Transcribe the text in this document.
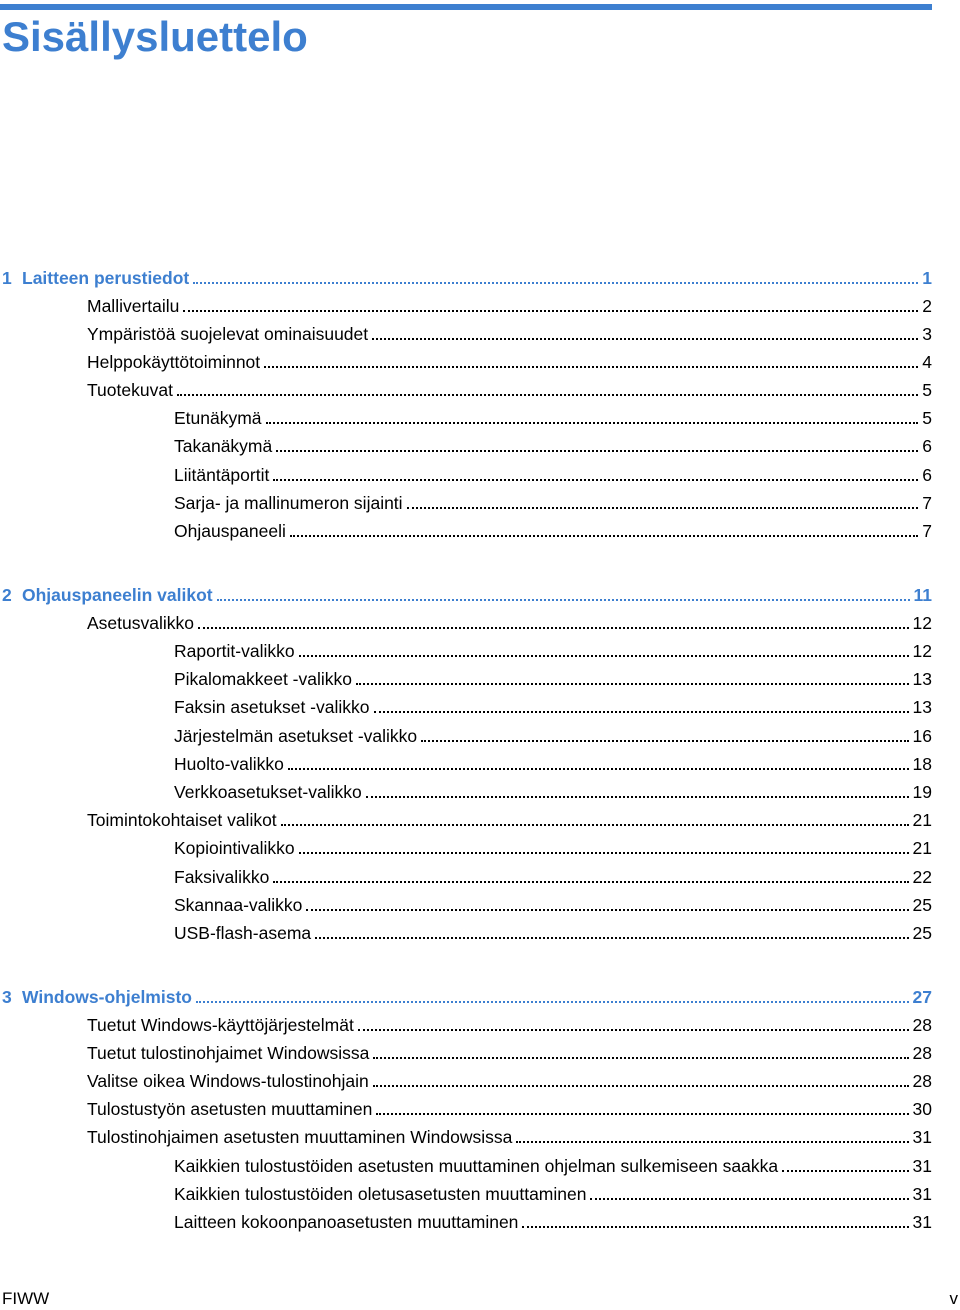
Sisällysluettelo
1 Laitteen perustiedot	1
Mallivertailu	2
Ympäristöä suojelevat ominaisuudet	3
Helppokäyttötoiminnot	4
Tuotekuvat	5
Etunäkymä	5
Takanäkymä	6
Liitäntäportit	6
Sarja- ja mallinumeron sijainti	7
Ohjauspaneeli	7
2 Ohjauspaneelin valikot	11
Asetusvalikko	12
Raportit-valikko	12
Pikalomakkeet -valikko	13
Faksin asetukset -valikko	13
Järjestelmän asetukset -valikko	16
Huolto-valikko	18
Verkkoasetukset-valikko	19
Toimintokohtaiset valikot	21
Kopiointivalikko	21
Faksivalikko	22
Skannaa-valikko	25
USB-flash-asema	25
3 Windows-ohjelmisto	27
Tuetut Windows-käyttöjärjestelmät	28
Tuetut tulostinohjaimet Windowsissa	28
Valitse oikea Windows-tulostinohjain	28
Tulostustyön asetusten muuttaminen	30
Tulostinohjaimen asetusten muuttaminen Windowsissa	31
Kaikkien tulostustöiden asetusten muuttaminen ohjelman sulkemiseen saakka	31
Kaikkien tulostustöiden oletusasetusten muuttaminen	31
Laitteen kokoonpanoasetusten muuttaminen	31
FIWW	v
